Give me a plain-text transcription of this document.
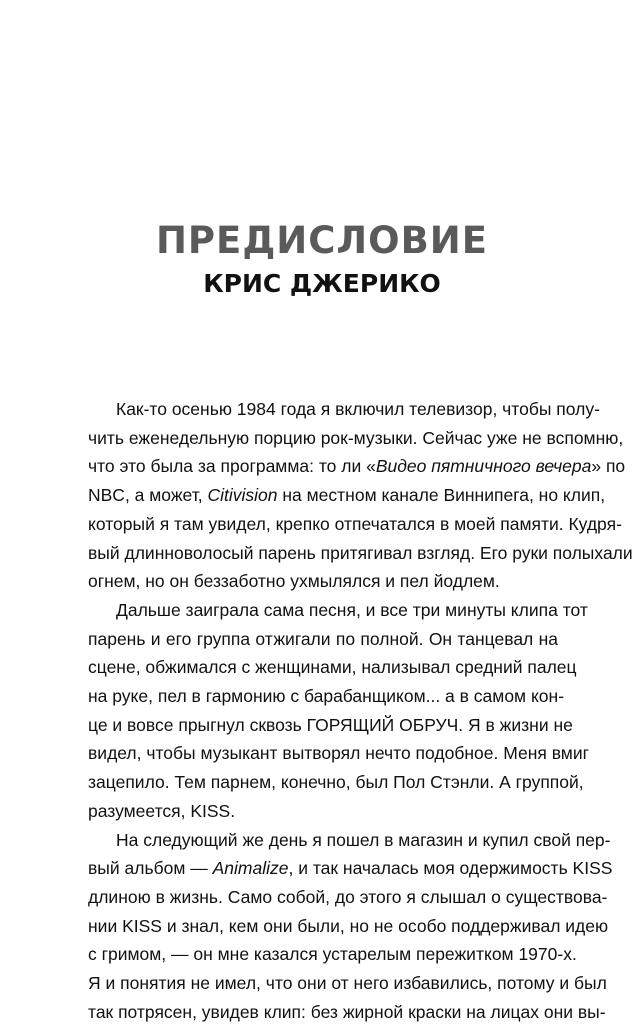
ПРЕДИСЛОВИЕ
КРИС ДЖЕРИКО

Как-то осенью 1984 года я включил телевизор, чтобы полу-
чить еженедельную порцию рок-музыки. Сейчас уже не вспомню,
что это была за программа: то ли «Видео пятничного вечера» по
NBC, а может, Citivision на местном канале Виннипега, но клип,
который я там увидел, крепко отпечатался в моей памяти. Кудря-
вый длинноволосый парень притягивал взгляд. Его руки полыхали
огнем, но он беззаботно ухмылялся и пел йодлем.

Дальше заиграла сама песня, и все три минуты клипа тот
парень и его группа отжигали по полной. Он танцевал на
сцене, обжимался с женщинами, нализывал средний палец
на руке, пел в гармонию с барабанщиком... а в самом кон-
це и вовсе прыгнул сквозь ГОРЯЩИЙ ОБРУЧ. Я в жизни не
видел, чтобы музыкант вытворял нечто подобное. Меня вмиг
зацепило. Тем парнем, конечно, был Пол Стэнли. А группой,
разумеется, KISS.

На следующий же день я пошел в магазин и купил свой пер-
вый альбом — Animalize, и так началась моя одержимость KISS
длиною в жизнь. Само собой, до этого я слышал о существова-
нии KISS и знал, кем они были, но не особо поддерживал идею
с гримом, — он мне казался устарелым пережитком 1970-х.
Я и понятия не имел, что они от него избавились, потому и был
так потрясен, увидев клип: без жирной краски на лицах они вы-
